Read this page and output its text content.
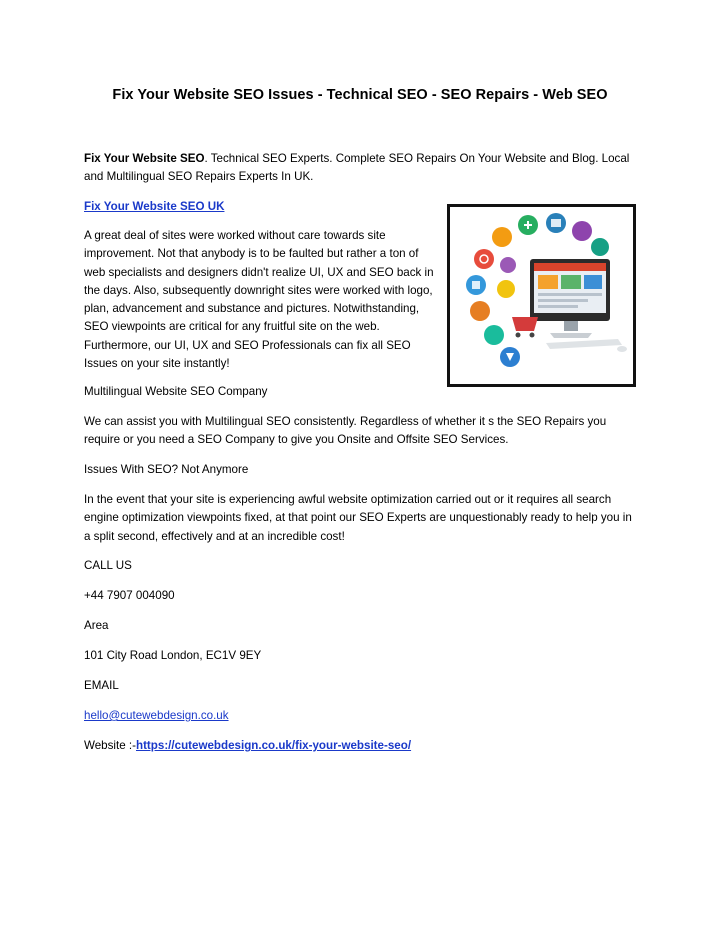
Fix Your Website SEO Issues - Technical SEO - SEO Repairs - Web SEO

Fix Your Website SEO. Technical SEO Experts. Complete SEO Repairs On Your Website and Blog. Local and Multilingual SEO Repairs Experts In UK.

Fix Your Website SEO UK

A great deal of sites were worked without care towards site improvement. Not that anybody is to be faulted but rather a ton of web specialists and designers didn't realize UI, UX and SEO back in the days. Also, subsequently downright sites were worked with logo, plan, advancement and substance and pictures. Notwithstanding, SEO viewpoints are critical for any fruitful site on the web. Furthermore, our UI, UX and SEO Professionals can fix all SEO Issues on your site instantly!

Multilingual Website SEO Company

We can assist you with Multilingual SEO consistently. Regardless of whether it s the SEO Repairs you require or you need a SEO Company to give you Onsite and Offsite SEO Services.

Issues With SEO? Not Anymore

In the event that your site is experiencing awful website optimization carried out or it requires all search engine optimization viewpoints fixed, at that point our SEO Experts are unquestionably ready to help you in a split second, effectively and at an incredible cost!

CALL US

+44 7907 004090

Area

101 City Road London, EC1V 9EY

EMAIL

hello@cutewebdesign.co.uk

Website :-https://cutewebdesign.co.uk/fix-your-website-seo/
